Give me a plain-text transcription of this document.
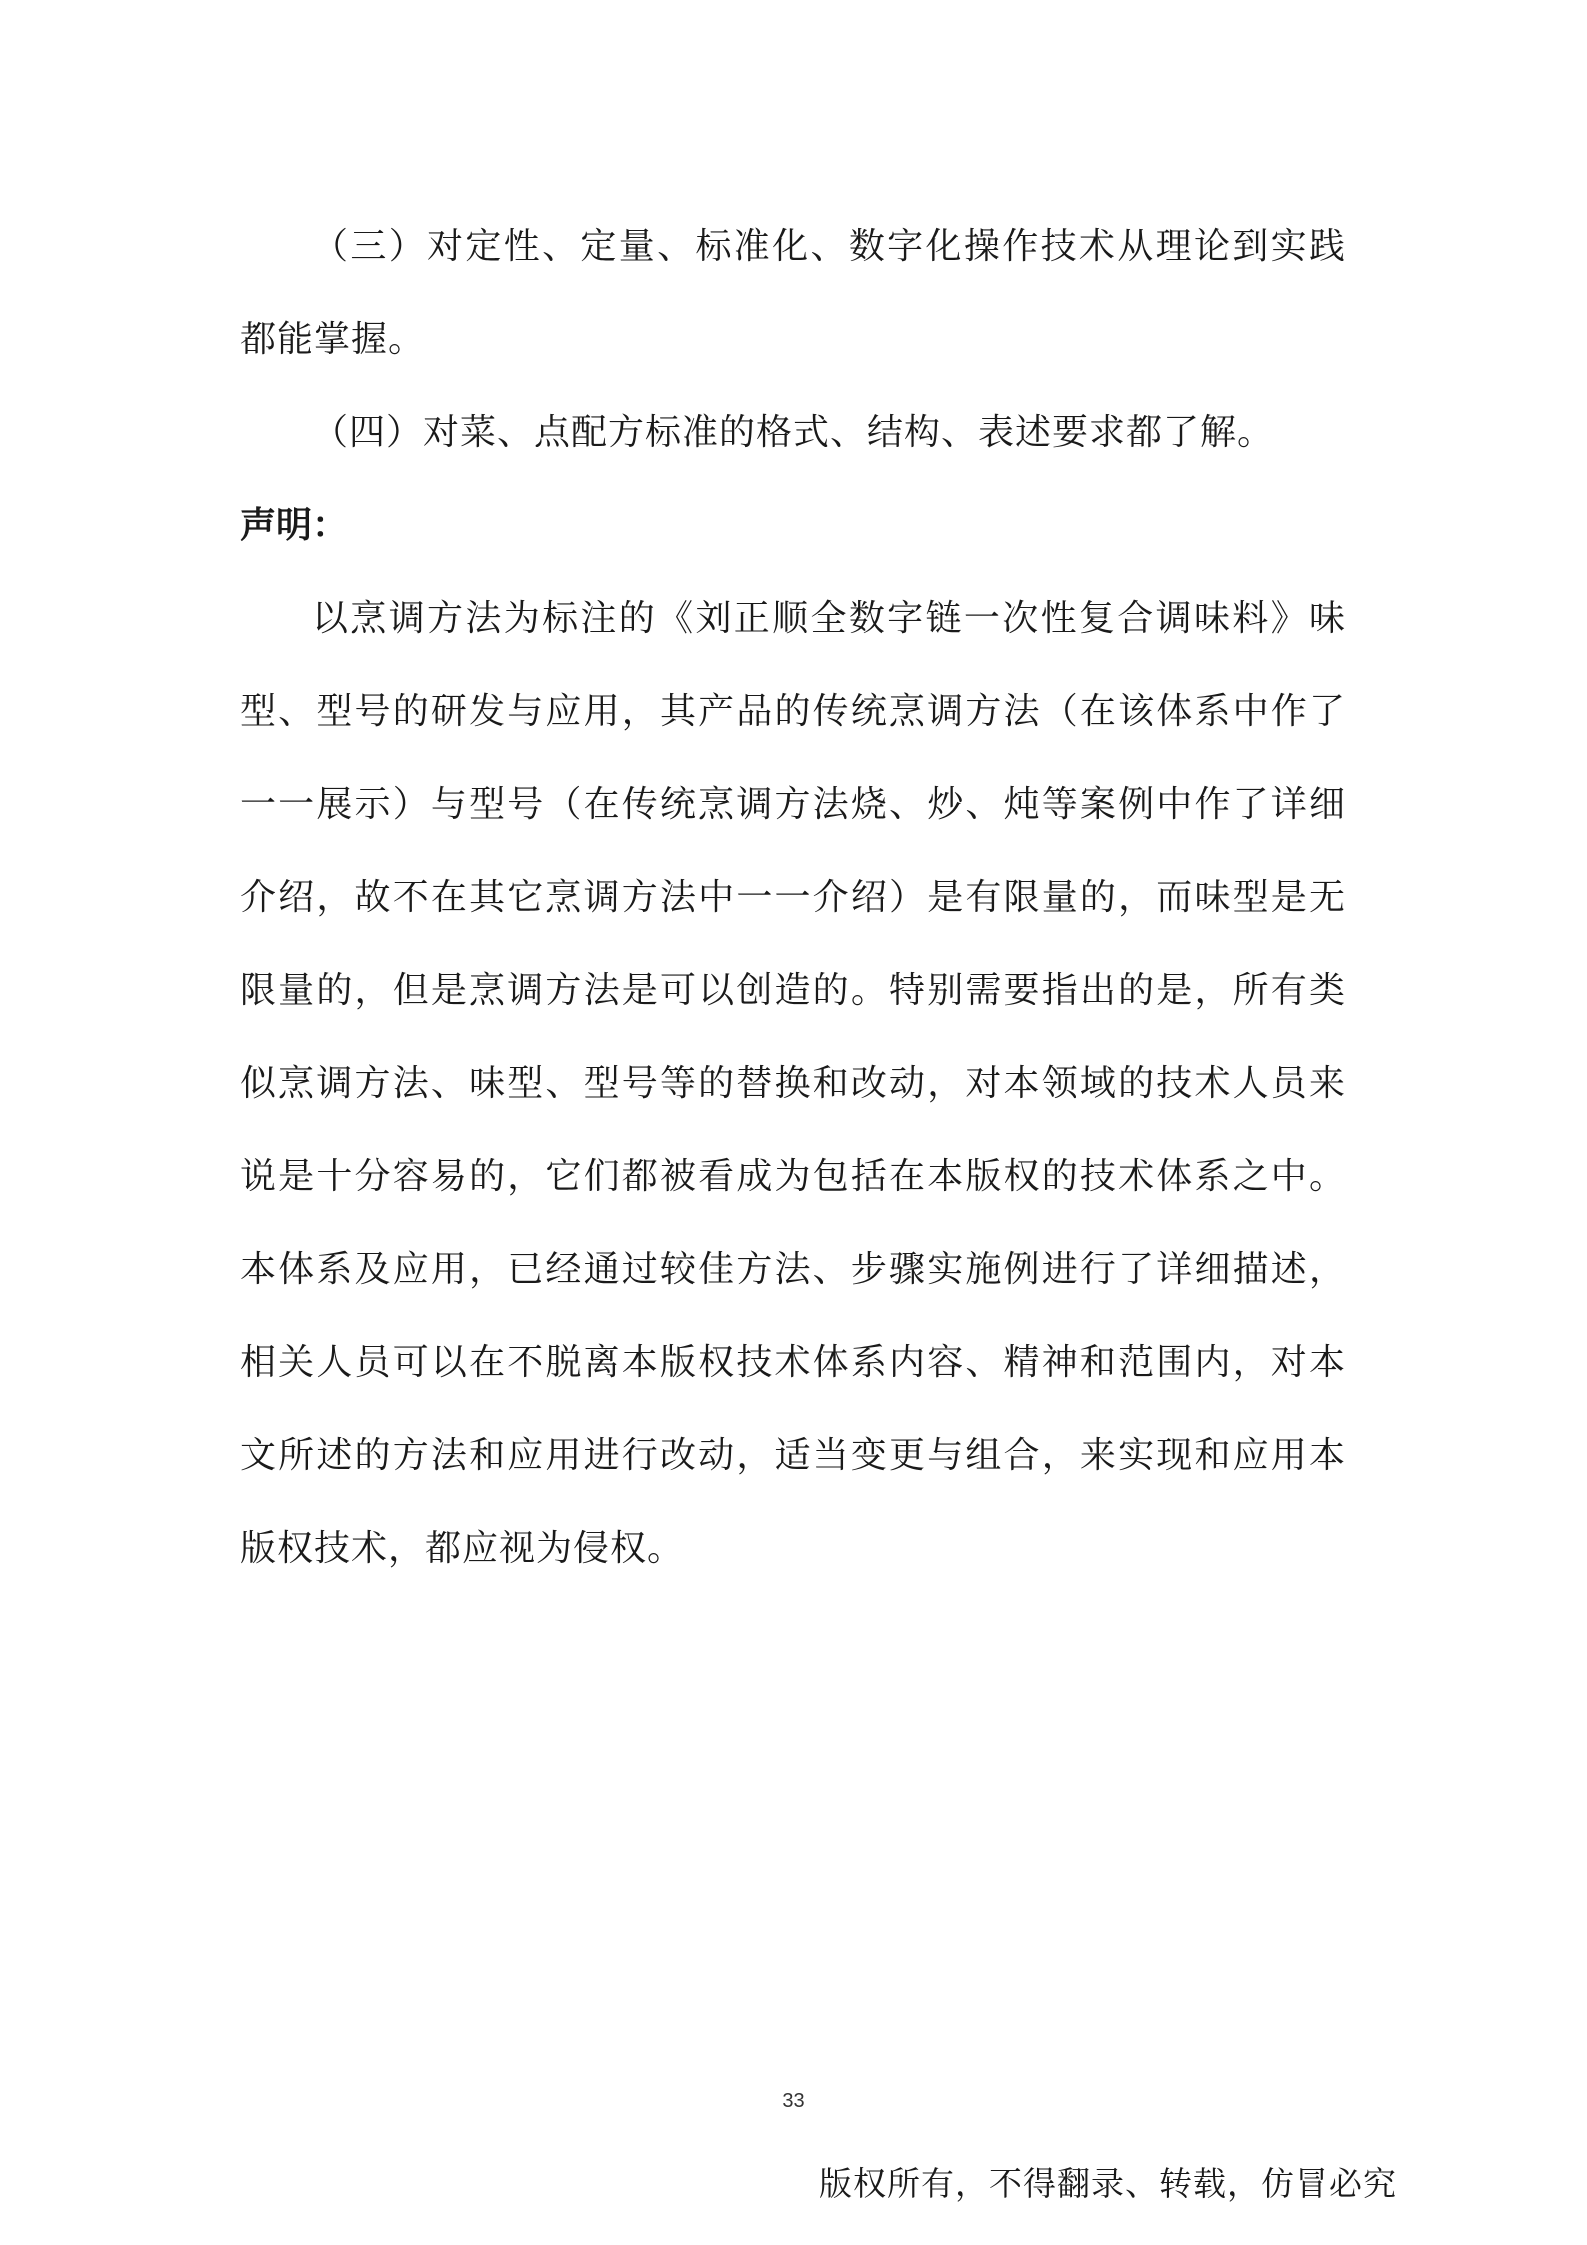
（三）对定性、定量、标准化、数字化操作技术从理论到实践都能掌握。

（四）对菜、点配方标准的格式、结构、表述要求都了解。

声明：

以烹调方法为标注的《刘正顺全数字链一次性复合调味料》味型、型号的研发与应用，其产品的传统烹调方法（在该体系中作了一一展示）与型号（在传统烹调方法烧、炒、炖等案例中作了详细介绍，故不在其它烹调方法中一一介绍）是有限量的，而味型是无限量的，但是烹调方法是可以创造的。特别需要指出的是，所有类似烹调方法、味型、型号等的替换和改动，对本领域的技术人员来说是十分容易的，它们都被看成为包括在本版权的技术体系之中。本体系及应用，已经通过较佳方法、步骤实施例进行了详细描述，相关人员可以在不脱离本版权技术体系内容、精神和范围内，对本文所述的方法和应用进行改动，适当变更与组合，来实现和应用本版权技术，都应视为侵权。

33
版权所有，不得翻录、转载，仿冒必究
